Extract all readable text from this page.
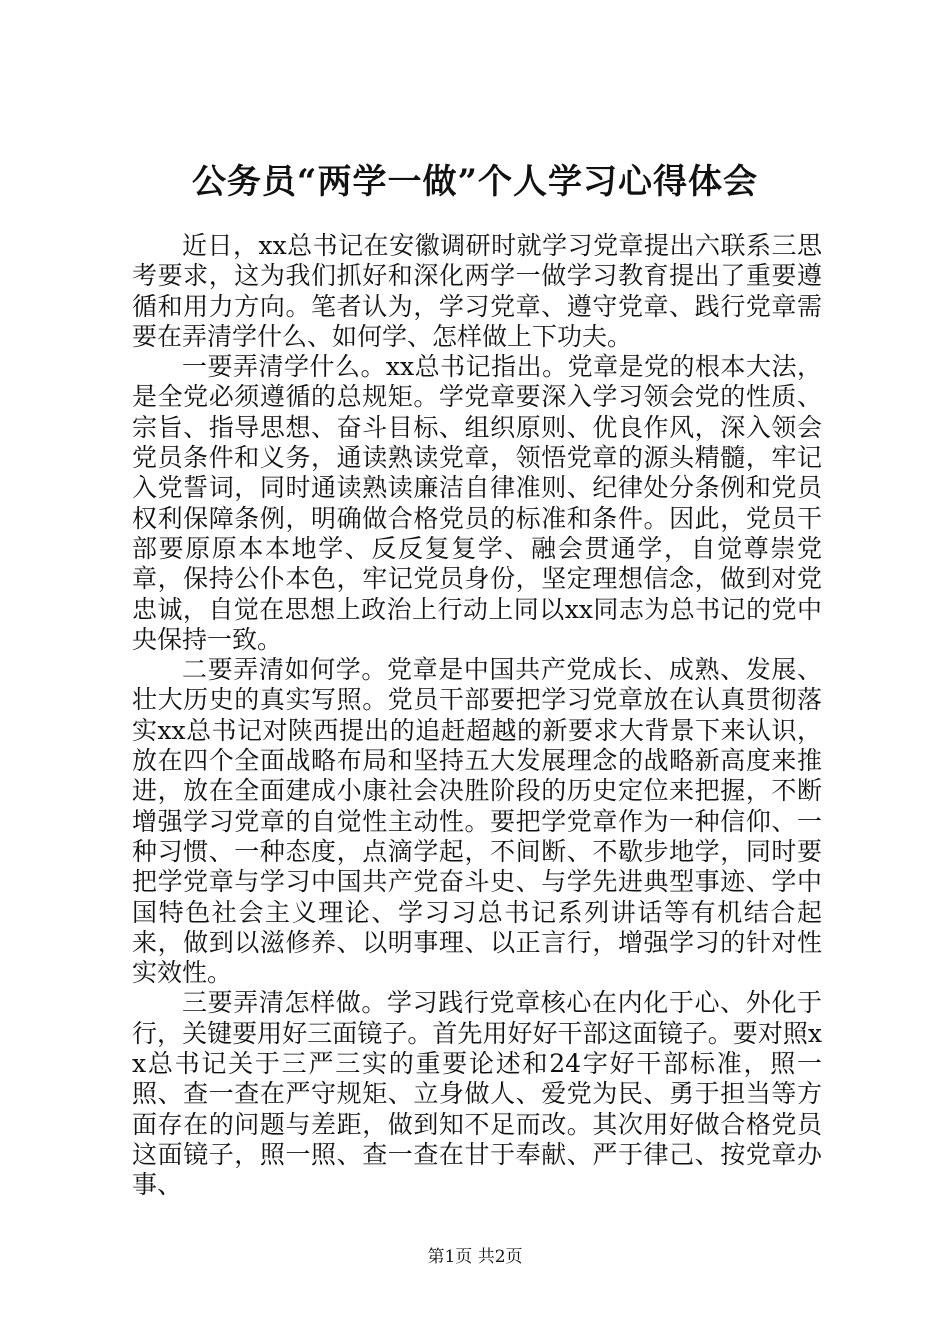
公务员“两学一做”个人学习心得体会

近日，xx总书记在安徽调研时就学习党章提出六联系三思考要求，这为我们抓好和深化两学一做学习教育提出了重要遵循和用力方向。笔者认为，学习党章、遵守党章、践行党章需要在弄清学什么、如何学、怎样做上下功夫。

一要弄清学什么。xx总书记指出。党章是党的根本大法，是全党必须遵循的总规矩。学党章要深入学习领会党的性质、宗旨、指导思想、奋斗目标、组织原则、优良作风，深入领会党员条件和义务，通读熟读党章，领悟党章的源头精髓，牢记入党誓词，同时通读熟读廉洁自律准则、纪律处分条例和党员权利保障条例，明确做合格党员的标准和条件。因此，党员干部要原原本本地学、反反复复学、融会贯通学，自觉尊崇党章，保持公仆本色，牢记党员身份，坚定理想信念，做到对党忠诚，自觉在思想上政治上行动上同以xx同志为总书记的党中央保持一致。

二要弄清如何学。党章是中国共产党成长、成熟、发展、壮大历史的真实写照。党员干部要把学习党章放在认真贯彻落实xx总书记对陕西提出的追赶超越的新要求大背景下来认识，放在四个全面战略布局和坚持五大发展理念的战略新高度来推进，放在全面建成小康社会决胜阶段的历史定位来把握，不断增强学习党章的自觉性主动性。要把学党章作为一种信仰、一种习惯、一种态度，点滴学起，不间断、不歇步地学，同时要把学党章与学习中国共产党奋斗史、与学先进典型事迹、学中国特色社会主义理论、学习习总书记系列讲话等有机结合起来，做到以滋修养、以明事理、以正言行，增强学习的针对性实效性。

三要弄清怎样做。学习践行党章核心在内化于心、外化于行，关键要用好三面镜子。首先用好好干部这面镜子。要对照xx总书记关于三严三实的重要论述和24字好干部标准，照一照、查一查在严守规矩、立身做人、爱党为民、勇于担当等方面存在的问题与差距，做到知不足而改。其次用好做合格党员这面镜子，照一照、查一查在甘于奉献、严于律己、按党章办事、

第1页 共2页
